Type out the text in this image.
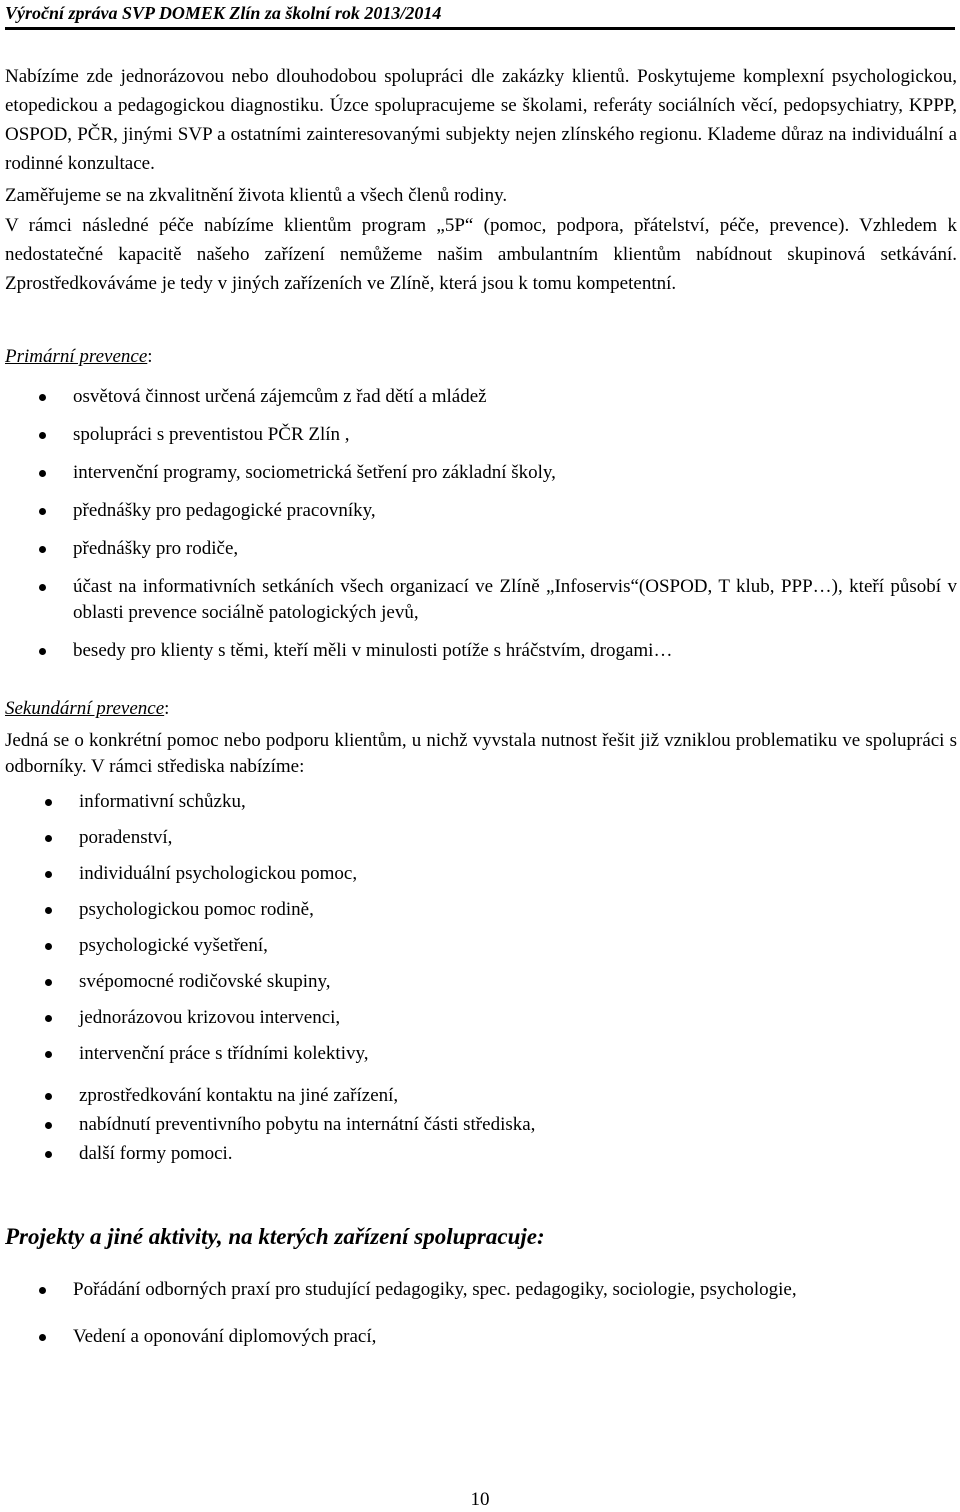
Výroční zpráva SVP DOMEK Zlín za školní rok 2013/2014

Nabízíme zde jednorázovou nebo dlouhodobou spolupráci dle zakázky klientů. Poskytujeme komplexní psychologickou, etopedickou a pedagogickou diagnostiku. Úzce spolupracujeme se školami, referáty sociálních věcí, pedopsychiatry, KPPP, OSPOD, PČR, jinými SVP a ostatními zainteresovanými subjekty nejen zlínského regionu. Klademe důraz na individuální a rodinné konzultace.

Zaměřujeme se na zkvalitnění života klientů a všech členů rodiny.

V rámci následné péče nabízíme klientům program „5P“ (pomoc, podpora, přátelství, péče, prevence). Vzhledem k nedostatečné kapacitě našeho zařízení nemůžeme našim ambulantním klientům nabídnout skupinová setkávání. Zprostředkováváme je tedy v jiných zařízeních ve Zlíně, která jsou k tomu kompetentní.

Primární prevence:
osvětová činnost určená zájemcům z řad dětí a mládež
spolupráci s preventistou PČR Zlín ,
intervenční programy, sociometrická šetření pro základní školy,
přednášky pro pedagogické pracovníky,
přednášky pro rodiče,
účast na informativních setkáních všech organizací ve Zlíně „Infoservis“(OSPOD, T klub, PPP…), kteří působí v oblasti prevence sociálně patologických jevů,
besedy pro klienty s těmi, kteří měli v minulosti potíže s hráčstvím, drogami…
Sekundární prevence:

Jedná se o konkrétní pomoc nebo podporu klientům, u nichž vyvstala nutnost řešit již vzniklou problematiku ve spolupráci s odborníky. V rámci střediska nabízíme:

informativní schůzku,
poradenství,
individuální psychologickou pomoc,
psychologickou pomoc rodině,
psychologické vyšetření,
svépomocné rodičovské skupiny,
jednorázovou krizovou intervenci,
intervenční práce s třídními kolektivy,
zprostředkování kontaktu na jiné zařízení,
nabídnutí preventivního pobytu na internátní části střediska,
další formy pomoci.
Projekty a jiné aktivity, na kterých zařízení spolupracuje:
Pořádání odborných praxí pro studující pedagogiky, spec. pedagogiky, sociologie, psychologie,
Vedení a oponování diplomových prací,
10
